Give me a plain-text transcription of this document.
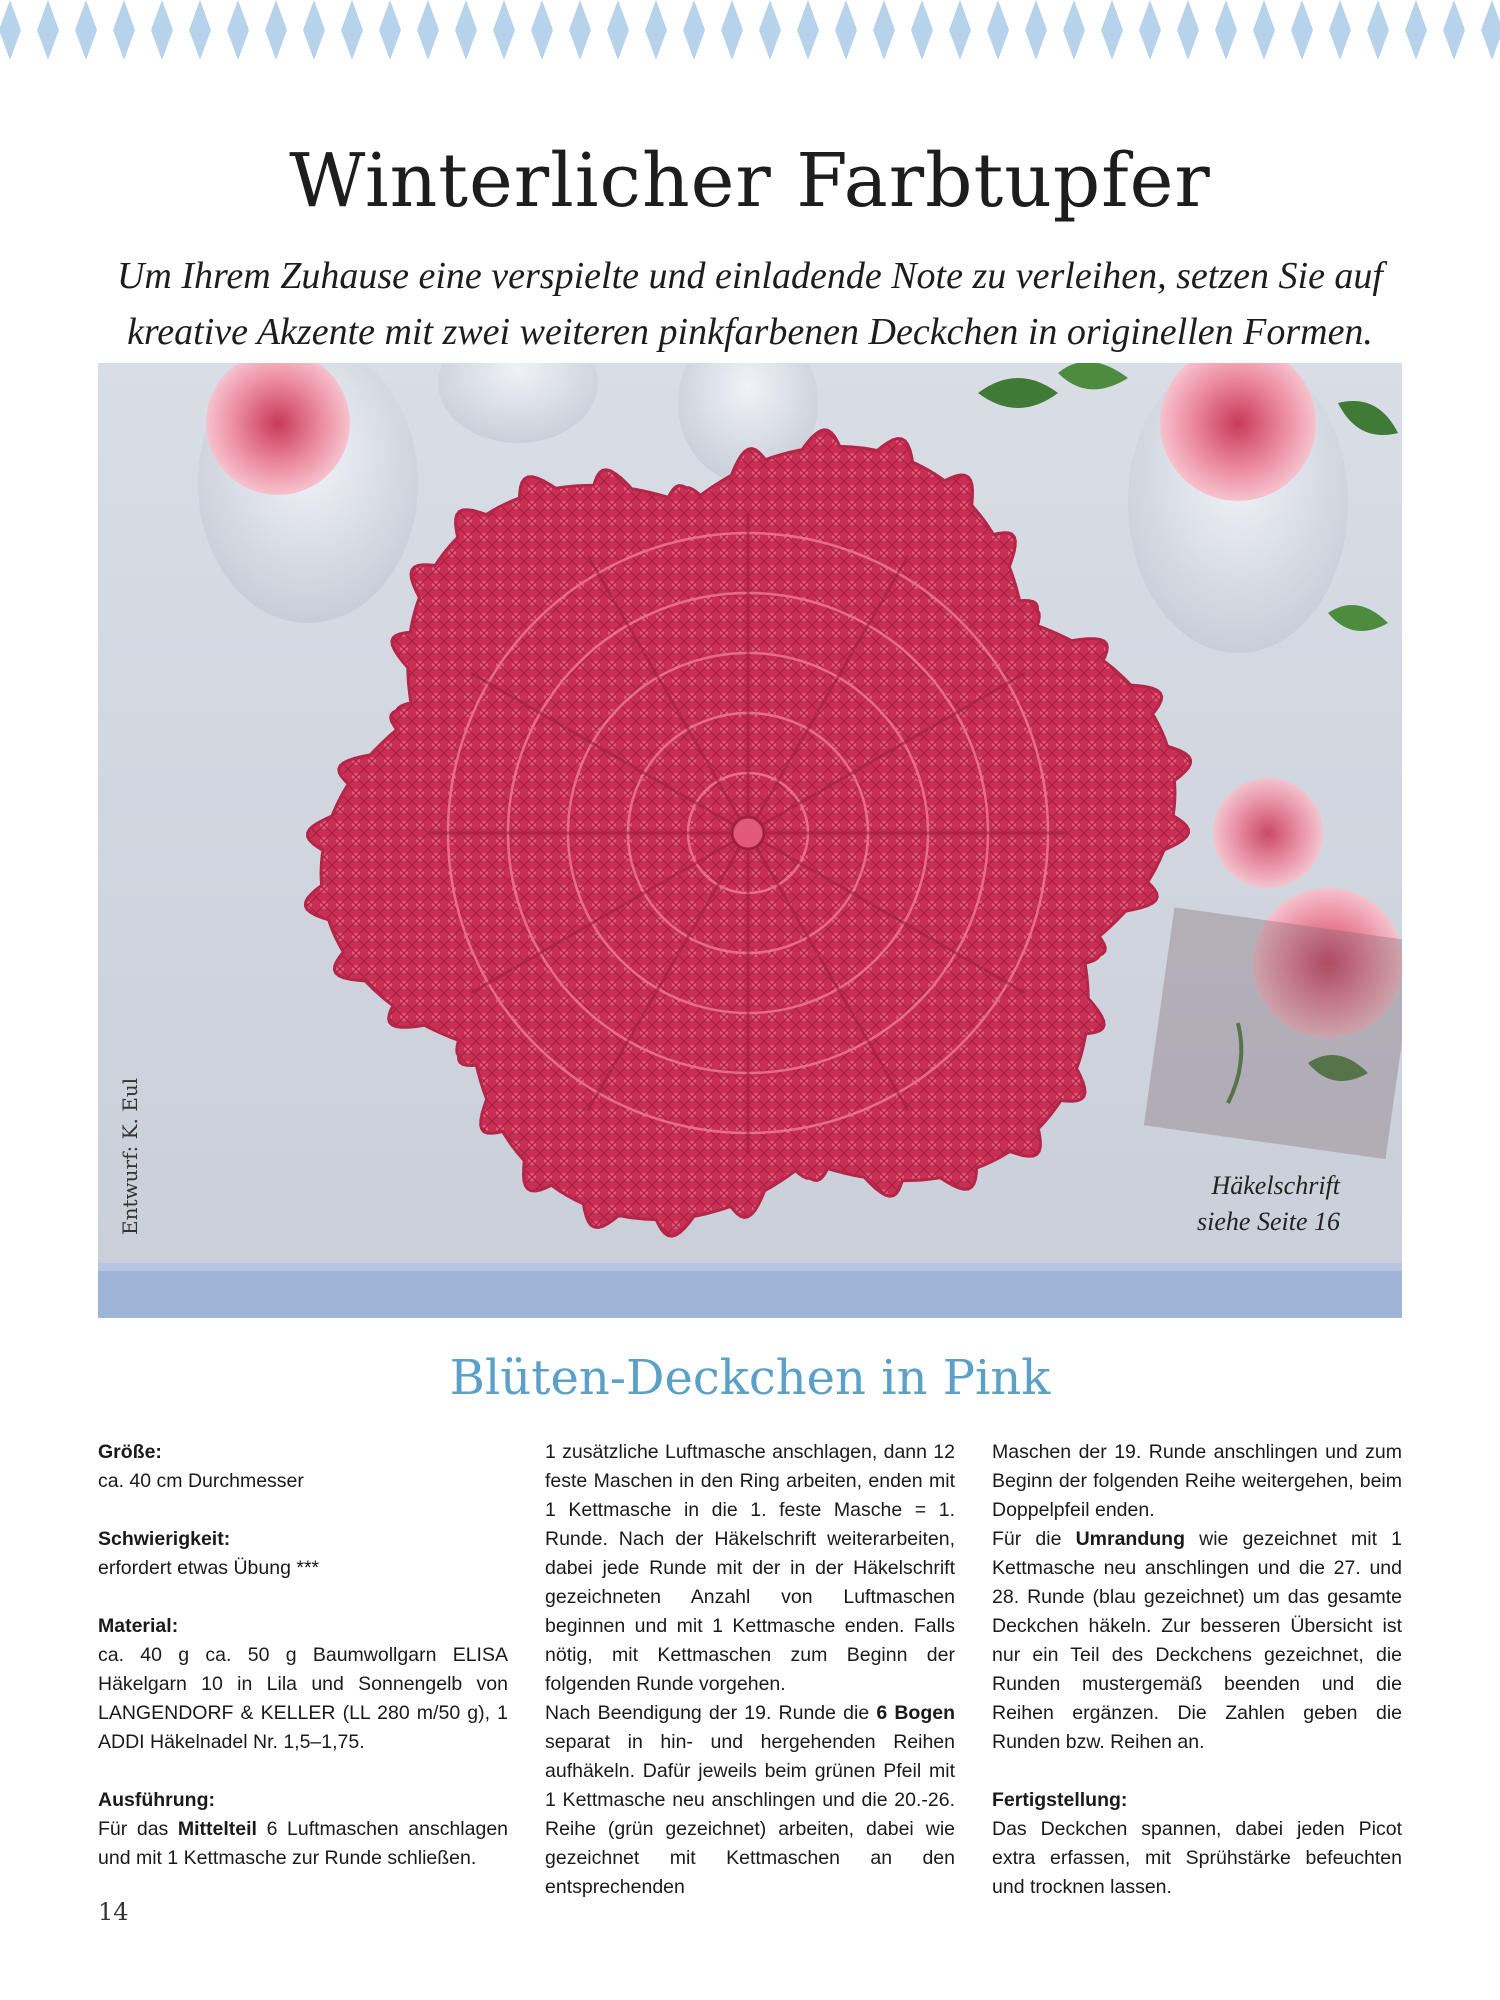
Winterlicher Farbtupfer
Um Ihrem Zuhause eine verspielte und einladende Note zu verleihen, setzen Sie auf kreative Akzente mit zwei weiteren pinkfarbenen Deckchen in originellen Formen.
Entwurf: K. Eul	Häkelschrift
siehe Seite 16
Blüten-Deckchen in Pink

Größe:

ca. 40 cm Durchmesser

Schwierigkeit:

erfordert etwas Übung ***

Material:

ca. 40 g ca. 50 g Baumwollgarn ELISA Häkelgarn 10 in Lila und Sonnengelb von LANGENDORF & KELLER (LL 280 m/50 g), 1 ADDI Häkelnadel Nr. 1,5–1,75.

Ausführung:

Für das Mittelteil 6 Luftmaschen anschlagen und mit 1 Kettmasche zur Runde schließen.

1 zusätzliche Luftmasche anschlagen, dann 12 feste Maschen in den Ring arbeiten, enden mit 1 Kettmasche in die 1. feste Masche = 1. Runde. Nach der Häkelschrift weiterarbeiten, dabei jede Runde mit der in der Häkelschrift gezeichneten Anzahl von Luftmaschen beginnen und mit 1 Kettmasche enden. Falls nötig, mit Kettmaschen zum Beginn der folgenden Runde vorgehen.

Nach Beendigung der 19. Runde die 6 Bogen separat in hin- und hergehenden Reihen aufhäkeln. Dafür jeweils beim grünen Pfeil mit 1 Kettmasche neu anschlingen und die 20.-26. Reihe (grün gezeichnet) arbeiten, dabei wie gezeichnet mit Kettmaschen an den entsprechenden

Maschen der 19. Runde anschlingen und zum Beginn der folgenden Reihe weitergehen, beim Doppelpfeil enden.

Für die Umrandung wie gezeichnet mit 1 Kettmasche neu anschlingen und die 27. und 28. Runde (blau gezeichnet) um das gesamte Deckchen häkeln. Zur besseren Übersicht ist nur ein Teil des Deckchens gezeichnet, die Runden mustergemäß beenden und die Reihen ergänzen. Die Zahlen geben die Runden bzw. Reihen an.

Fertigstellung:

Das Deckchen spannen, dabei jeden Picot extra erfassen, mit Sprühstärke befeuchten und trocknen lassen.

14
